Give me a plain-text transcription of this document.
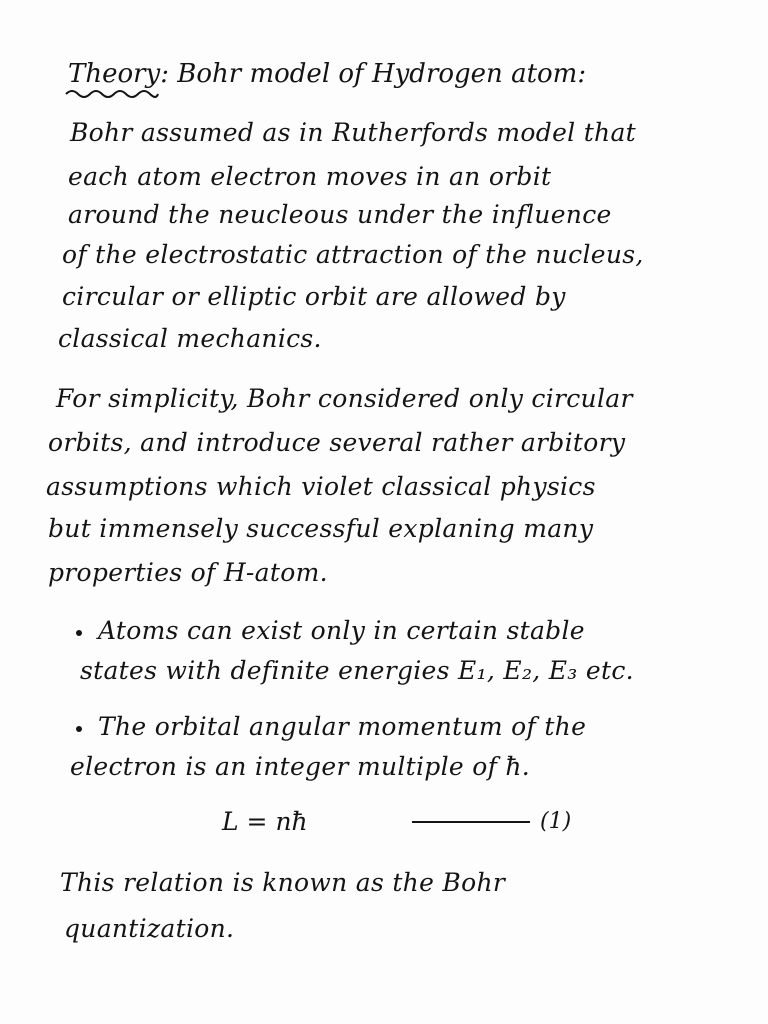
Theory: Bohr model of Hydrogen atom:
Bohr assumed as in Rutherfords model that
each atom electron moves in an orbit
around the neucleous under the influence
of the electrostatic attraction of the nucleus,
circular or elliptic orbit are allowed by
classical mechanics.
For simplicity, Bohr considered only circular
orbits, and introduce several rather arbitory
assumptions which violet classical physics
but immensely successful explaning many
properties of H-atom.
Atoms can exist only in certain stable
states with definite energies E₁, E₂, E₃ etc.
The orbital angular momentum of the
electron is an integer multiple of ħ.
L = nħ	(1)
This relation is known as the Bohr
quantization.
